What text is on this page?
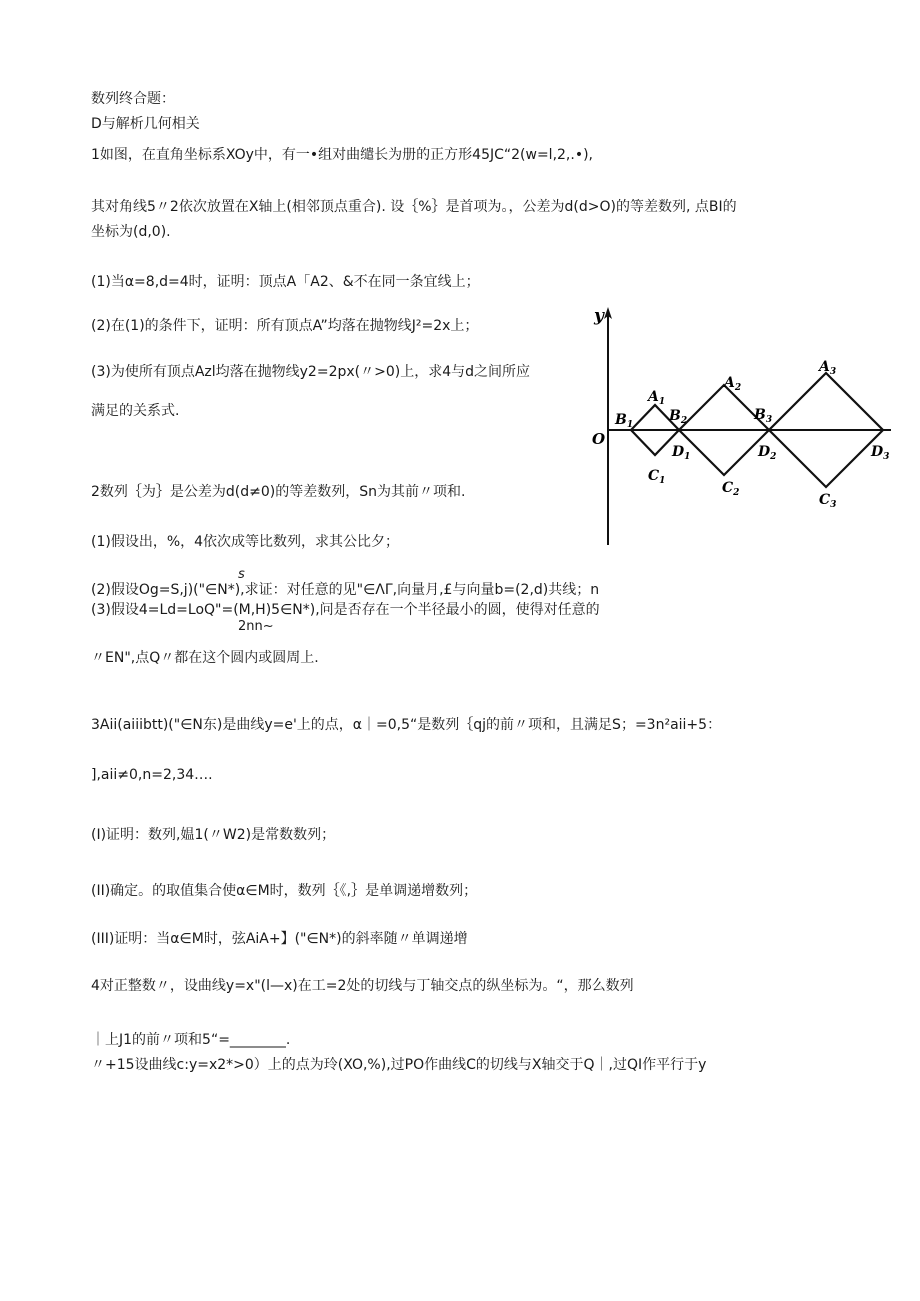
数列终合题：
D与解析几何相关
1如图，在直角坐标系XOy中，有一•组对曲缱长为册的正方形45JC“2(w=l,2,.•),
其对角线5〃2依次放置在X轴上(相邻顶点重合). 设｛%｝是首项为。，公差为d(d>O)的等差数列, 点BI的
坐标为(d,0).
(1)当α=8,d=4时，证明：顶点A「A2、&不在同一条宜线上；
(2)在(1)的条件下，证明：所有顶点A”均落在抛物线J²=2x上；
(3)为使所有顶点Azl均落在抛物线y2=2px(〃>0)上，求4与d之间所应
满足的关系式.
2数列｛为｝是公差为d(d≠0)的等差数列，Sn为其前〃项和.
(1)假设出，%，4依次成等比数列，求其公比夕；
s
(2)假设Og=S,j)("∈N*),求证：对任意的见"∈ΛΓ,向量月,£与向量b=(2,d)共线；n
(3)假设4=Ld=LoQ"=(M,H)5∈N*),问是否存在一个半径最小的圆，使得对任意的
2nn~
〃EN",点Q〃都在这个圆内或圆周上.
3Aii(aiiibtt)("∈N东)是曲线y=e'上的点，α｜=0,5“是数列｛qj的前〃项和，且满足S；=3n²aii+5：
],aii≠0,n=2,34….
(I)证明：数列,媪1(〃W2)是常数数列；
(II)确定。的取值集合使α∈M时，数列｛《,｝是单调递增数列；
(III)证明：当α∈M时，弦AiA+】("∈N*)的斜率随〃单调递增
4对正整数〃，设曲线y=x"(l—x)在工=2处的切线与丁轴交点的纵坐标为。“，那么数列
｜上J1的前〃项和5“=________.
〃+15设曲线c:y=x2*>0）上的点为玲(XO,%),过PO作曲线C的切线与X轴交于Q｜,过QI作平行于y
y
O
$A_1$
$A_2$
$A_3$
$B_1$
$B_2$	$B_3$
$D_1$	$D_2$	$D_3$
$C_1$	$C_2$	$C_3$
